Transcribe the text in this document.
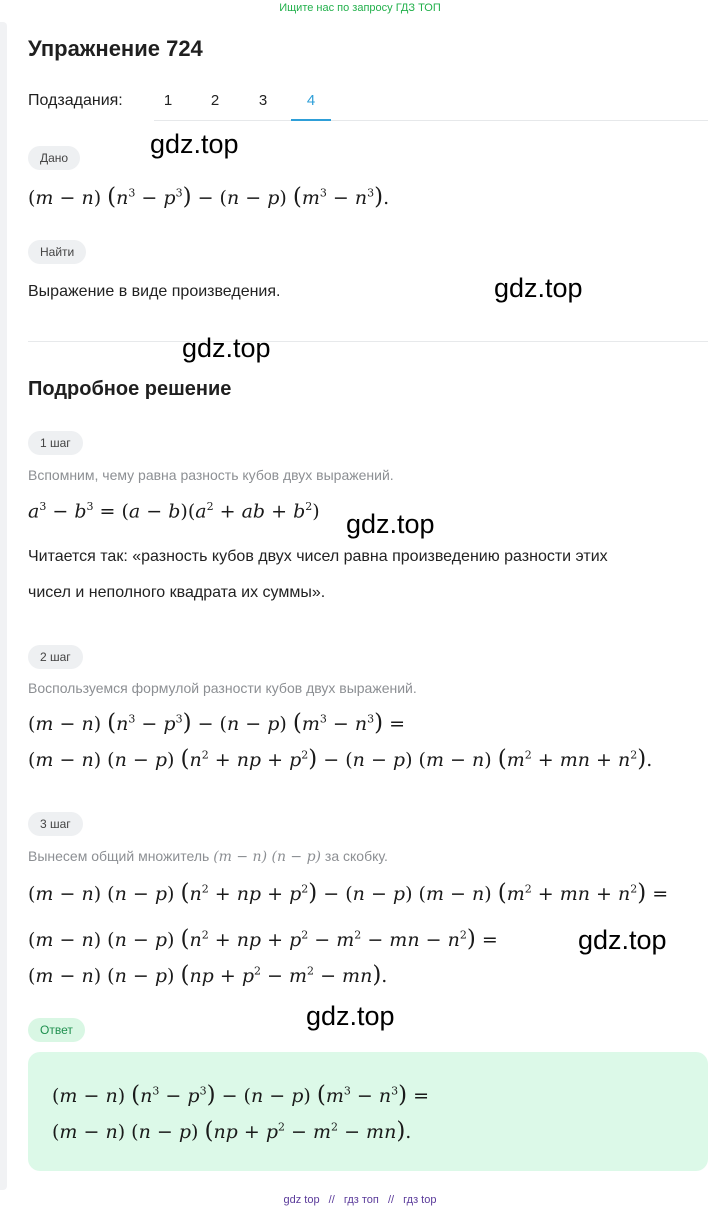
Ищите нас по запросу ГДЗ ТОП
Упражнение 724
Подзадания:	1	2	3	4
Дано
(m − n) $(n^3 - p^3) - (n - p) (m^3 - n^3)$.
Найти
Выражение в виде произведения.
Подробное решение
1 шаг
Вспомним, чему равна разность кубов двух выражений.
$a^3 - b^3 = (a - b)(a^2$ + ab + $b^2$)
Читается так: «разность кубов двух чисел равна произведению разности этих
чисел и неполного квадрата их суммы».
2 шаг
Воспользуемся формулой разности кубов двух выражений.
(m − n) $(n^3 - p^3) - (n - p) (m^3 - n^3)$ =
(m − n) (n − p) ($n^2$ + np + $p^2) - (n - p)$ (m − n) ($m^2$ + mn + $n^2$).
3 шаг
Вынесем общий множитель (m − n) (n − p) за скобку.
(m − n) (n − p) ($n^2$ + np + $p^2) - (n - p)$ (m − n) ($m^2$ + mn + $n^2$) =
(m − n) (n − p) ($n^2$ + np + $p^2 - m^2$ − mn − $n^2$) =
(m − n) (n − p) $(np + p^2 - m^2 - mn)$.
Ответ
(m − n) $(n^3 - p^3) - (n - p) (m^3 - n^3)$ =
(m − n) (n − p) $(np + p^2 - m^2 - mn)$.
gdz.top
gdz.top
gdz.top
gdz.top
gdz.top
gdz.top
gdz top // гдз топ // гдз top
